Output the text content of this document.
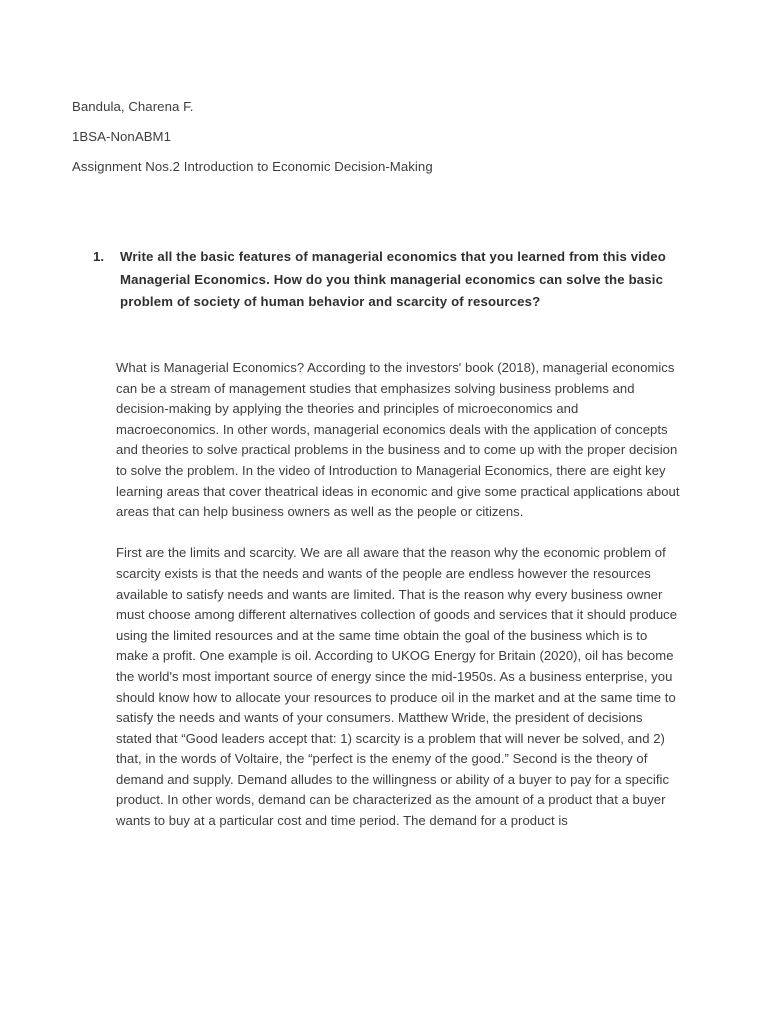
Bandula, Charena F.
1BSA-NonABM1
Assignment Nos.2 Introduction to Economic Decision-Making
1.	Write all the basic features of managerial economics that you learned from this video Managerial Economics. How do you think managerial economics can solve the basic problem of society of human behavior and scarcity of resources?

What is Managerial Economics? According to the investors' book (2018), managerial economics can be a stream of management studies that emphasizes solving business problems and decision-making by applying the theories and principles of microeconomics and macroeconomics. In other words, managerial economics deals with the application of concepts and theories to solve practical problems in the business and to come up with the proper decision to solve the problem. In the video of Introduction to Managerial Economics, there are eight key learning areas that cover theatrical ideas in economic and give some practical applications about areas that can help business owners as well as the people or citizens.

First are the limits and scarcity. We are all aware that the reason why the economic problem of scarcity exists is that the needs and wants of the people are endless however the resources available to satisfy needs and wants are limited. That is the reason why every business owner must choose among different alternatives collection of goods and services that it should produce using the limited resources and at the same time obtain the goal of the business which is to make a profit. One example is oil. According to UKOG Energy for Britain (2020), oil has become the world's most important source of energy since the mid-1950s. As a business enterprise, you should know how to allocate your resources to produce oil in the market and at the same time to satisfy the needs and wants of your consumers. Matthew Wride, the president of decisions stated that “Good leaders accept that: 1) scarcity is a problem that will never be solved, and 2) that, in the words of Voltaire, the “perfect is the enemy of the good.” Second is the theory of demand and supply. Demand alludes to the willingness or ability of a buyer to pay for a specific product. In other words, demand can be characterized as the amount of a product that a buyer wants to buy at a particular cost and time period. The demand for a product is
